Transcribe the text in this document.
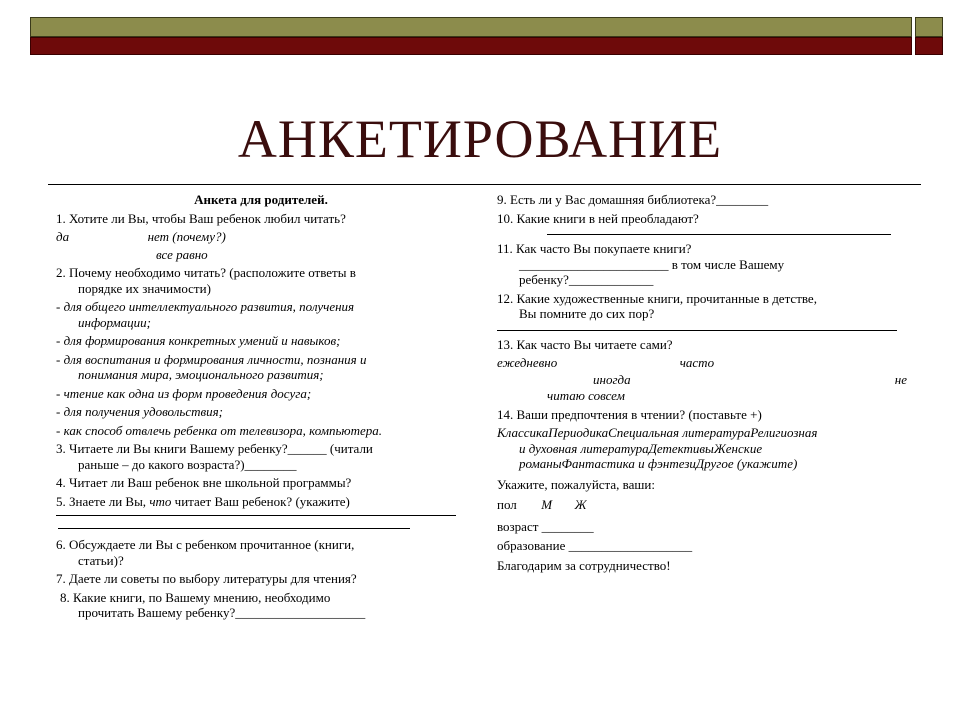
АНКЕТИРОВАНИЕ

Анкета для родителей.

1. Хотите ли Вы, чтобы Ваш ребенок любил читать?

да	нет (почему?)

все равно

2. Почему необходимо читать? (расположите ответы в

порядке их значимости)

- для общего интеллектуального развития, получения

информации;

- для формирования конкретных умений и навыков;

- для воспитания и формирования личности, познания и

понимания мира, эмоционального развития;

- чтение как одна из форм проведения досуга;

- для получения удовольствия;

- как способ отвлечь ребенка от телевизора, компьютера.

3. Читаете ли Вы книги Вашему ребенку?______ (читали

раньше – до какого возраста?)________

4. Читает ли Ваш ребенок вне школьной программы?

5. Знаете ли Вы, что читает Ваш ребенок? (укажите)

6. Обсуждаете ли Вы с ребенком прочитанное (книги,

статьи)?

7. Даете ли советы по выбору литературы для чтения?

8. Какие книги, по Вашему мнению, необходимо

прочитать Вашему ребенку?____________________

9. Есть ли у Вас домашняя библиотека?________

10. Какие книги в ней преобладают?

11. Как часто Вы покупаете книги?

_______________________ в том числе Вашему

ребенку?_____________

12. Какие художественные книги, прочитанные в детстве,

Вы помните до сих пор?

13. Как часто Вы читаете сами?

ежедневно	часто
иногда	не

читаю совсем

14. Ваши предпочтения в чтении? (поставьте +)

КлассикаПериодикаСпециальная литератураРелигиозная

и духовная литератураДетективыЖенские

романыФантастика и фэнтезиДругое (укажите)

Укажите, пожалуйста, ваши:

пол М Ж

возраст ________

образование ___________________

Благодарим за сотрудничество!
